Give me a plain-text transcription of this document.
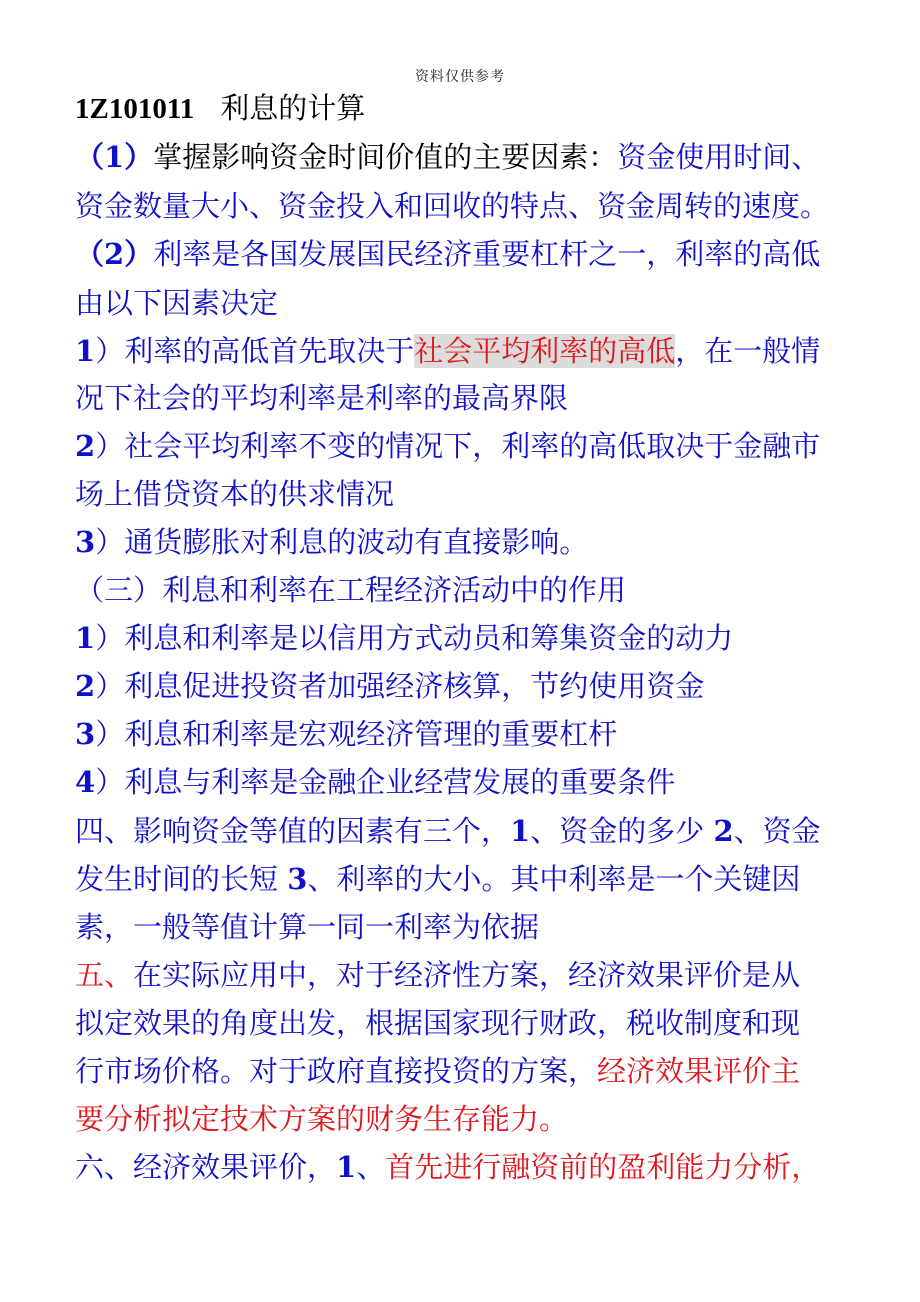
资料仅供参考
1Z101011 利息的计算
（1）掌握影响资金时间价值的主要因素：资金使用时间、
资金数量大小、资金投入和回收的特点、资金周转的速度。
（2）利率是各国发展国民经济重要杠杆之一，利率的高低
由以下因素决定
1）利率的高低首先取决于社会平均利率的高低，在一般情
况下社会的平均利率是利率的最高界限
2）社会平均利率不变的情况下，利率的高低取决于金融市
场上借贷资本的供求情况
3）通货膨胀对利息的波动有直接影响。
（三）利息和利率在工程经济活动中的作用
1）利息和利率是以信用方式动员和筹集资金的动力
2）利息促进投资者加强经济核算，节约使用资金
3）利息和利率是宏观经济管理的重要杠杆
4）利息与利率是金融企业经营发展的重要条件
四、影响资金等值的因素有三个，1、资金的多少 2、资金
发生时间的长短 3、利率的大小。其中利率是一个关键因
素，一般等值计算一同一利率为依据
五、在实际应用中，对于经济性方案，经济效果评价是从
拟定效果的角度出发，根据国家现行财政，税收制度和现
行市场价格。对于政府直接投资的方案，经济效果评价主
要分析拟定技术方案的财务生存能力。
六、经济效果评价，1、首先进行融资前的盈利能力分析，
